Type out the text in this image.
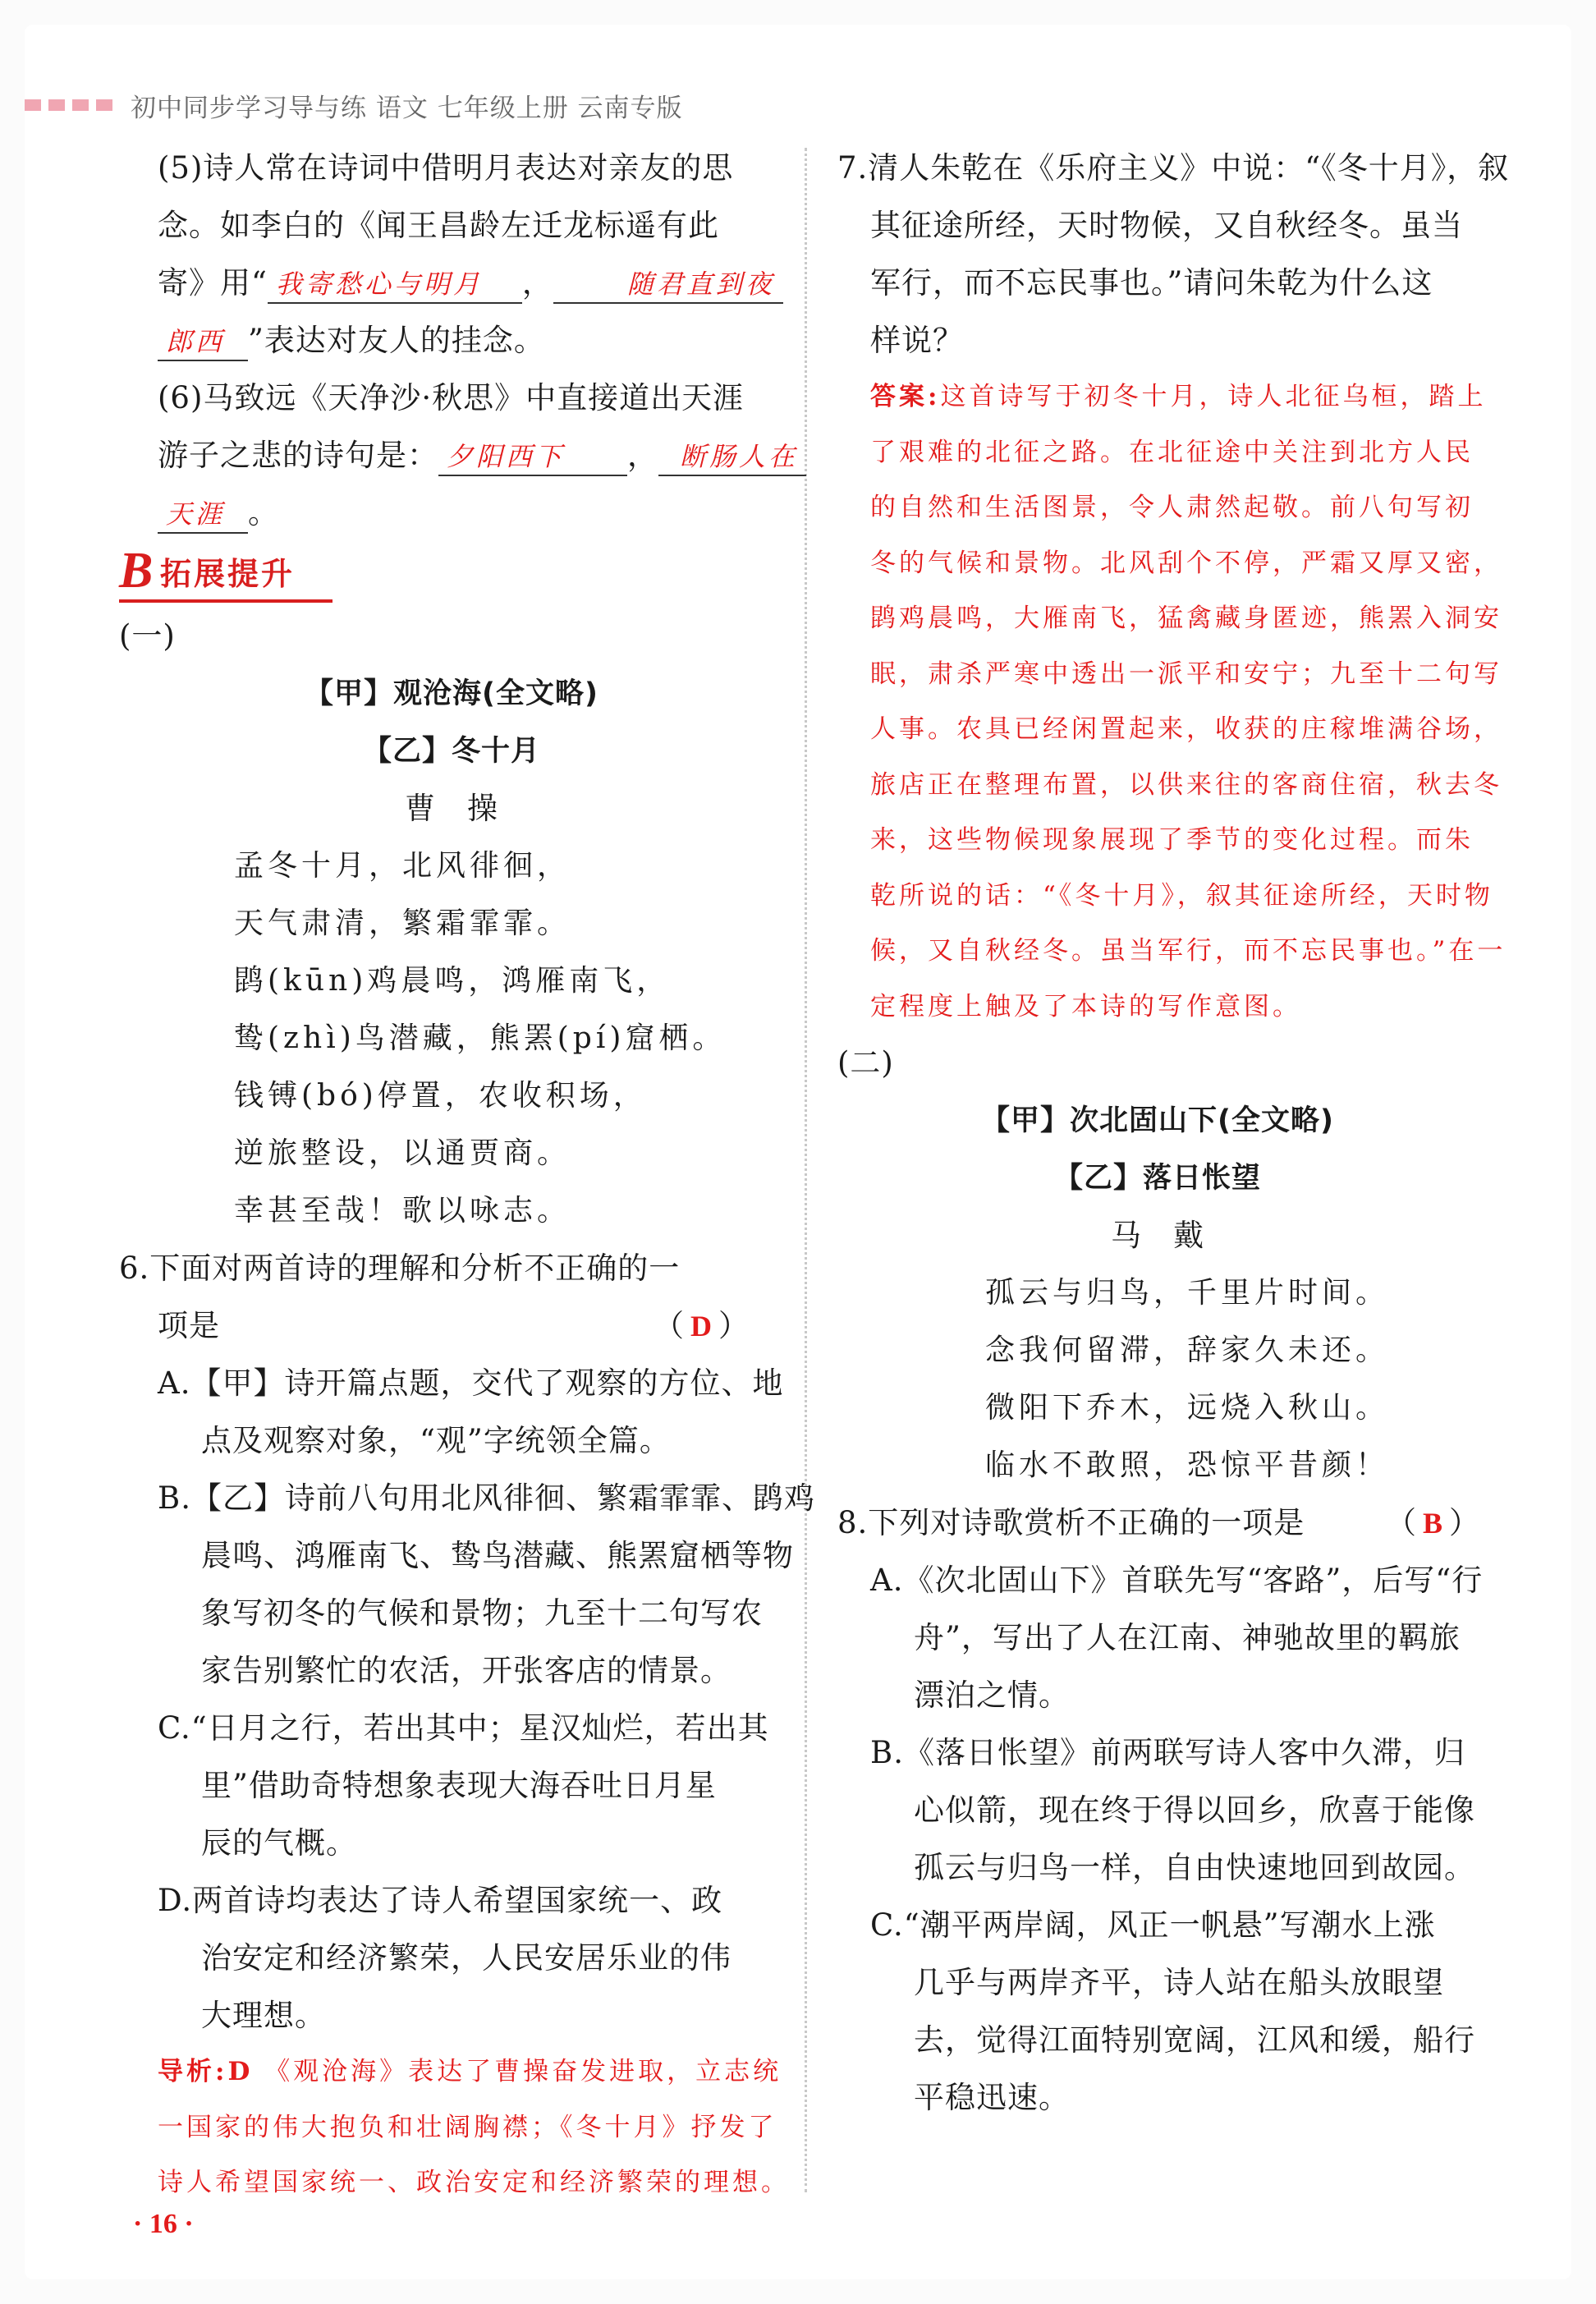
初中同步学习导与练 语文 七年级上册 云南专版
(5)诗人常在诗词中借明月表达对亲友的思
念。如李白的《闻王昌龄左迁龙标遥有此
寄》用“ 我寄愁心与明月 ，	随君直到夜
郎西 ”表达对友人的挂念。
(6)马致远《天净沙·秋思》中直接道出天涯
游子之悲的诗句是： 夕阳西下 ， 断肠人在
天涯 。
B 拓展提升
(一)
【甲】观沧海(全文略)
【乙】冬十月
曹　操
孟冬十月，北风徘徊，
天气肃清，繁霜霏霏。
鹍(kūn)鸡晨鸣，鸿雁南飞，
鸷(zhì)鸟潜藏，熊罴(pí)窟栖。
钱镈(bó)停置，农收积场，
逆旅整设，以通贾商。
幸甚至哉！歌以咏志。
6.下面对两首诗的理解和分析不正确的一
项是	（D）
A.【甲】诗开篇点题，交代了观察的方位、地
点及观察对象，“观”字统领全篇。
B.【乙】诗前八句用北风徘徊、繁霜霏霏、鹍鸡
晨鸣、鸿雁南飞、鸷鸟潜藏、熊罴窟栖等物
象写初冬的气候和景物；九至十二句写农
家告别繁忙的农活，开张客店的情景。
C.“日月之行，若出其中；星汉灿烂，若出其
里”借助奇特想象表现大海吞吐日月星
辰的气概。
D.两首诗均表达了诗人希望国家统一、政
治安定和经济繁荣，人民安居乐业的伟
大理想。
导析:D 《观沧海》表达了曹操奋发进取，立志统
一国家的伟大抱负和壮阔胸襟；《冬十月》抒发了
诗人希望国家统一、政治安定和经济繁荣的理想。
7.清人朱乾在《乐府主义》中说：“《冬十月》，叙
其征途所经，天时物候，又自秋经冬。虽当
军行，而不忘民事也。”请问朱乾为什么这
样说？
答案:这首诗写于初冬十月，诗人北征乌桓，踏上
了艰难的北征之路。在北征途中关注到北方人民
的自然和生活图景，令人肃然起敬。前八句写初
冬的气候和景物。北风刮个不停，严霜又厚又密，
鹍鸡晨鸣，大雁南飞，猛禽藏身匿迹，熊罴入洞安
眠，肃杀严寒中透出一派平和安宁；九至十二句写
人事。农具已经闲置起来，收获的庄稼堆满谷场，
旅店正在整理布置，以供来往的客商住宿，秋去冬
来，这些物候现象展现了季节的变化过程。而朱
乾所说的话：“《冬十月》，叙其征途所经，天时物
候，又自秋经冬。虽当军行，而不忘民事也。”在一
定程度上触及了本诗的写作意图。
(二)
【甲】次北固山下(全文略)
【乙】落日怅望
马　戴
孤云与归鸟，千里片时间。
念我何留滞，辞家久未还。
微阳下乔木，远烧入秋山。
临水不敢照，恐惊平昔颜！
8.下列对诗歌赏析不正确的一项是	（B）
A.《次北固山下》首联先写“客路”，后写“行
舟”，写出了人在江南、神驰故里的羁旅
漂泊之情。
B.《落日怅望》前两联写诗人客中久滞，归
心似箭，现在终于得以回乡，欣喜于能像
孤云与归鸟一样，自由快速地回到故园。
C.“潮平两岸阔，风正一帆悬”写潮水上涨
几乎与两岸齐平，诗人站在船头放眼望
去，觉得江面特别宽阔，江风和缓，船行
平稳迅速。
· 16 ·
